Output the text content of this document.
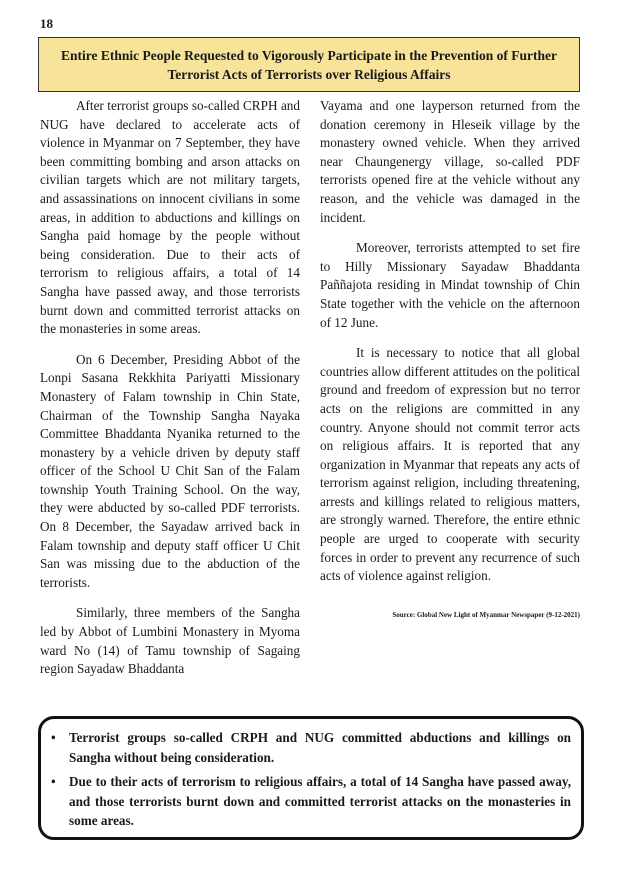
18
Entire Ethnic People Requested to Vigorously Participate in the Prevention of Further Terrorist Acts of Terrorists over Religious Affairs

After terrorist groups so-called CRPH and NUG have declared to accelerate acts of violence in Myanmar on 7 September, they have been committing bombing and arson attacks on civilian targets which are not military targets, and assassinations on innocent civilians in some areas, in addition to abductions and killings on Sangha paid homage by the people without being consideration. Due to their acts of terrorism to religious affairs, a total of 14 Sangha have passed away, and those terrorists burnt down and committed terrorist attacks on the monasteries in some areas.

On 6 December, Presiding Abbot of the Lonpi Sasana Rekkhita Pariyatti Missionary Monastery of Falam township in Chin State, Chairman of the Township Sangha Nayaka Committee Bhaddanta Nyanika returned to the monastery by a vehicle driven by deputy staff officer of the School U Chit San of the Falam township Youth Training School. On the way, they were abducted by so-called PDF terrorists. On 8 December, the Sayadaw arrived back in Falam township and deputy staff officer U Chit San was missing due to the abduction of the terrorists.

Similarly, three members of the Sangha led by Abbot of Lumbini Monastery in Myoma ward No (14) of Tamu township of Sagaing region Sayadaw Bhaddanta

Vayama and one layperson returned from the donation ceremony in Hleseik village by the monastery owned vehicle. When they arrived near Chaungenergy village, so-called PDF terrorists opened fire at the vehicle without any reason, and the vehicle was damaged in the incident.

Moreover, terrorists attempted to set fire to Hilly Missionary Sayadaw Bhaddanta Paññajota residing in Mindat township of Chin State together with the vehicle on the afternoon of 12 June.

It is necessary to notice that all global countries allow different attitudes on the political ground and freedom of expression but no terror acts on the religions are committed in any country. Anyone should not commit terror acts on religious affairs. It is reported that any organization in Myanmar that repeats any acts of terrorism against religion, including threatening, arrests and killings related to religious matters, are strongly warned. Therefore, the entire ethnic people are urged to cooperate with security forces in order to prevent any recurrence of such acts of violence against religion.

Source: Global New Light of Myanmar Newspaper (9-12-2021)
• Terrorist groups so-called CRPH and NUG committed abductions and killings on Sangha without being consideration.
• Due to their acts of terrorism to religious affairs, a total of 14 Sangha have passed away, and those terrorists burnt down and committed terrorist attacks on the monasteries in some areas.
